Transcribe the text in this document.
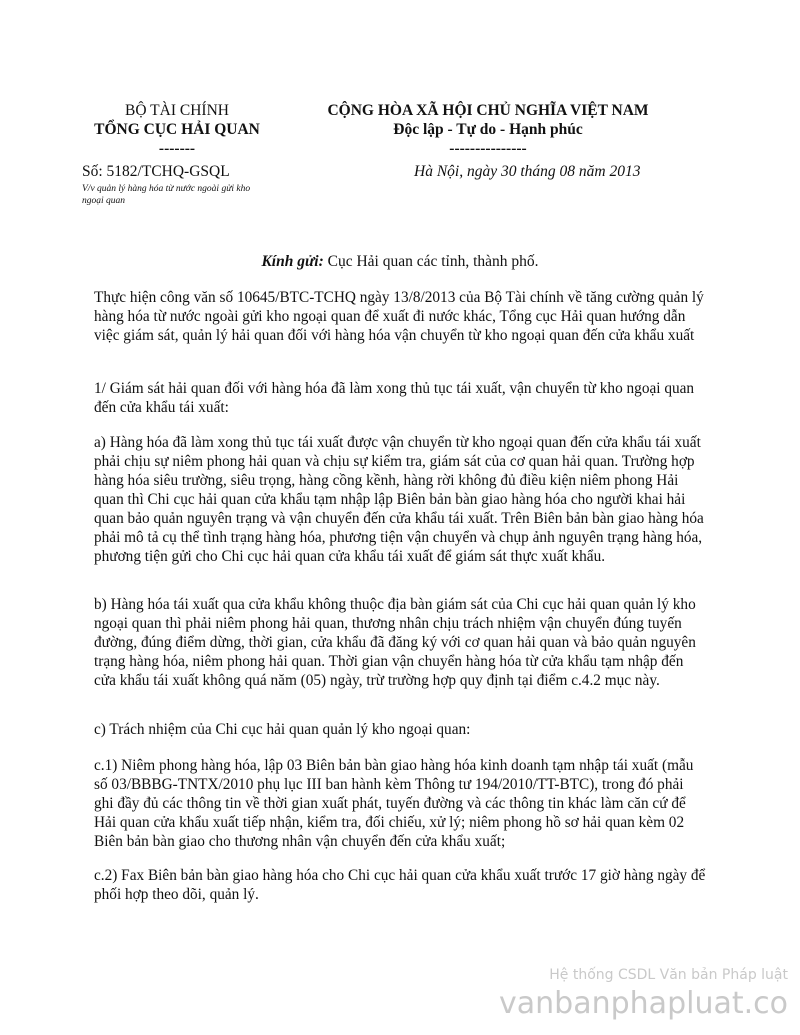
BỘ TÀI CHÍNH
TỔNG CỤC HẢI QUAN
-------
CỘNG HÒA XÃ HỘI CHỦ NGHĨA VIỆT NAM
Độc lập - Tự do - Hạnh phúc
---------------
Số: 5182/TCHQ-GSQL
V/v quản lý hàng hóa từ nước ngoài gửi kho ngoại quan
Hà Nội, ngày 30 tháng 08 năm 2013
Kính gửi: Cục Hải quan các tỉnh, thành phố.

Thực hiện công văn số 10645/BTC-TCHQ ngày 13/8/2013 của Bộ Tài chính về tăng cường quản lý hàng hóa từ nước ngoài gửi kho ngoại quan để xuất đi nước khác, Tổng cục Hải quan hướng dẫn việc giám sát, quản lý hải quan đối với hàng hóa vận chuyển từ kho ngoại quan đến cửa khẩu xuất

1/ Giám sát hải quan đối với hàng hóa đã làm xong thủ tục tái xuất, vận chuyển từ kho ngoại quan đến cửa khẩu tái xuất:

a) Hàng hóa đã làm xong thủ tục tái xuất được vận chuyển từ kho ngoại quan đến cửa khẩu tái xuất phải chịu sự niêm phong hải quan và chịu sự kiểm tra, giám sát của cơ quan hải quan. Trường hợp hàng hóa siêu trường, siêu trọng, hàng cồng kềnh, hàng rời không đủ điều kiện niêm phong Hải quan thì Chi cục hải quan cửa khẩu tạm nhập lập Biên bản bàn giao hàng hóa cho người khai hải quan bảo quản nguyên trạng và vận chuyển đến cửa khẩu tái xuất. Trên Biên bản bàn giao hàng hóa phải mô tả cụ thể tình trạng hàng hóa, phương tiện vận chuyển và chụp ảnh nguyên trạng hàng hóa, phương tiện gửi cho Chi cục hải quan cửa khẩu tái xuất để giám sát thực xuất khẩu.

b) Hàng hóa tái xuất qua cửa khẩu không thuộc địa bàn giám sát của Chi cục hải quan quản lý kho ngoại quan thì phải niêm phong hải quan, thương nhân chịu trách nhiệm vận chuyển đúng tuyến đường, đúng điểm dừng, thời gian, cửa khẩu đã đăng ký với cơ quan hải quan và bảo quản nguyên trạng hàng hóa, niêm phong hải quan. Thời gian vận chuyển hàng hóa từ cửa khẩu tạm nhập đến cửa khẩu tái xuất không quá năm (05) ngày, trừ trường hợp quy định tại điểm c.4.2 mục này.

c) Trách nhiệm của Chi cục hải quan quản lý kho ngoại quan:

c.1) Niêm phong hàng hóa, lập 03 Biên bản bàn giao hàng hóa kinh doanh tạm nhập tái xuất (mẫu số 03/BBBG-TNTX/2010 phụ lục III ban hành kèm Thông tư 194/2010/TT-BTC), trong đó phải ghi đầy đủ các thông tin về thời gian xuất phát, tuyến đường và các thông tin khác làm căn cứ để Hải quan cửa khẩu xuất tiếp nhận, kiểm tra, đối chiếu, xử lý; niêm phong hồ sơ hải quan kèm 02 Biên bản bàn giao cho thương nhân vận chuyển đến cửa khẩu xuất;

c.2) Fax Biên bản bàn giao hàng hóa cho Chi cục hải quan cửa khẩu xuất trước 17 giờ hàng ngày để phối hợp theo dõi, quản lý.

Hệ thống CSDL Văn bản Pháp luật
vanbanphapluat.co
